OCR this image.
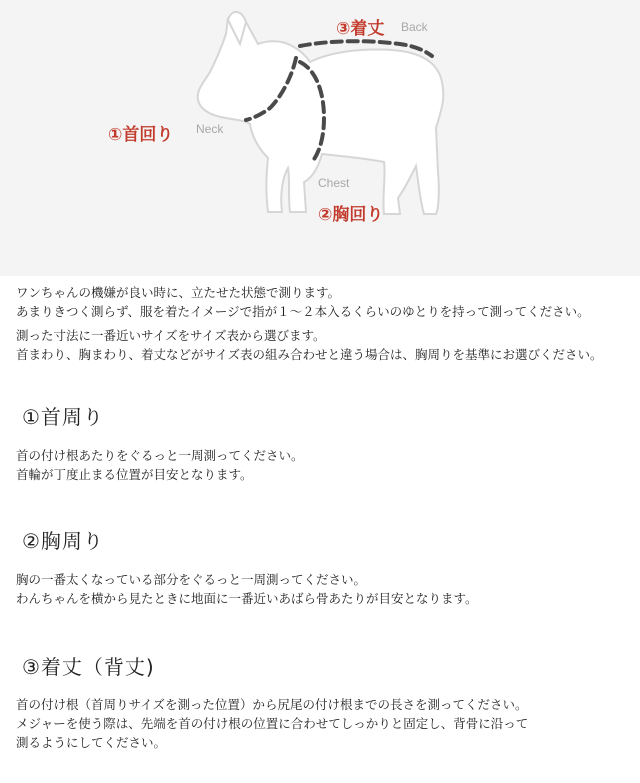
③着丈 Back
①首回り Neck
Chest
②胸回り
ワンちゃんの機嫌が良い時に、立たせた状態で測ります。
あまりきつく測らず、服を着たイメージで指が１～２本入るくらいのゆとりを持って測ってください。
測った寸法に一番近いサイズをサイズ表から選びます。
首まわり、胸まわり、着丈などがサイズ表の組み合わせと違う場合は、胸周りを基準にお選びください。
①首周り
首の付け根あたりをぐるっと一周測ってください。
首輪が丁度止まる位置が目安となります。
②胸周り
胸の一番太くなっている部分をぐるっと一周測ってください。
わんちゃんを横から見たときに地面に一番近いあばら骨あたりが目安となります。
③着丈（背丈)
首の付け根（首周りサイズを測った位置）から尻尾の付け根までの長さを測ってください。
メジャーを使う際は、先端を首の付け根の位置に合わせてしっかりと固定し、背骨に沿って
測るようにしてください。
